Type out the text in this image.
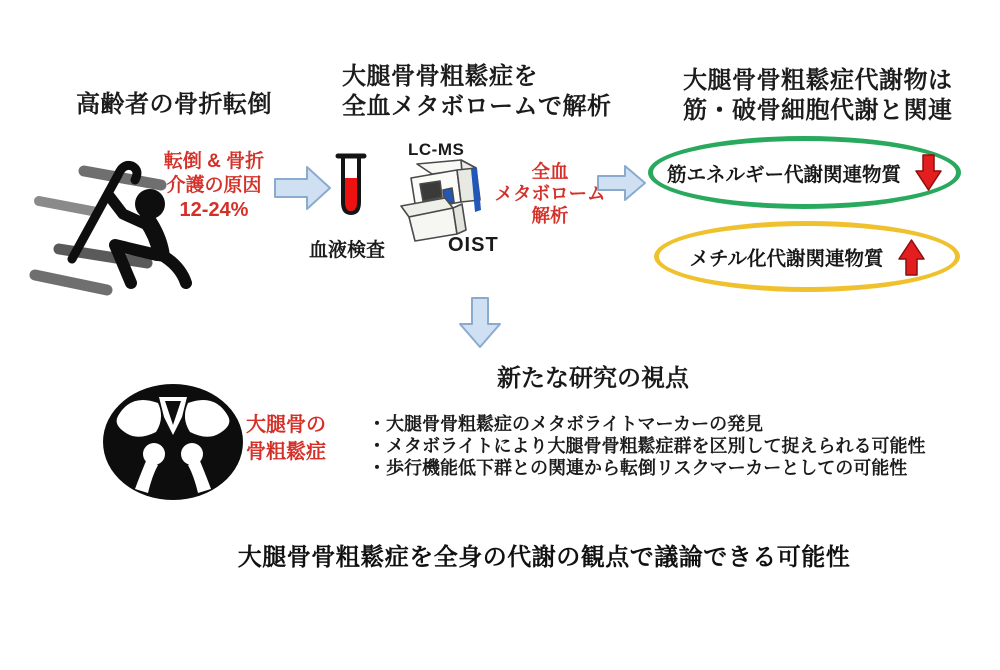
高齢者の骨折転倒
大腿骨骨粗鬆症を
全血メタボロームで解析
大腿骨骨粗鬆症代謝物は
筋・破骨細胞代謝と関連
転倒 & 骨折
介護の原因
12-24%
血液検査
LC-MS
OIST
全血
メタボローム
解析
筋エネルギー代謝関連物質
メチル化代謝関連物質
新たな研究の視点
大腿骨の
骨粗鬆症
・大腿骨骨粗鬆症のメタボライトマーカーの発見
・メタボライトにより大腿骨骨粗鬆症群を区別して捉えられる可能性
・歩行機能低下群との関連から転倒リスクマーカーとしての可能性
大腿骨骨粗鬆症を全身の代謝の観点で議論できる可能性
